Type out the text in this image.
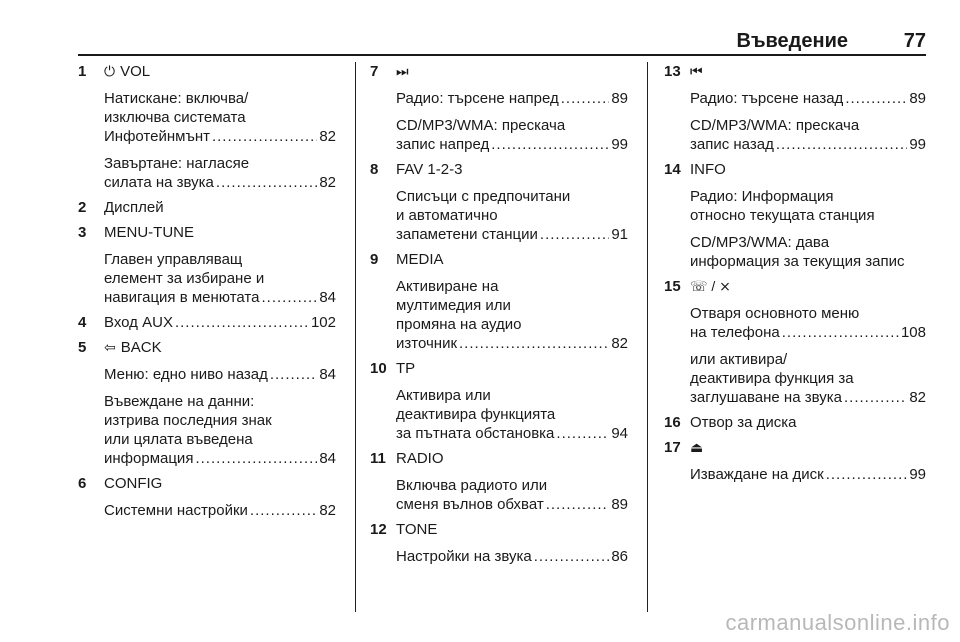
Въведение	77
1 ⏻ VOL
Натискане: включва/
изключва системата
Инфотейнмънт .....	82
Завъртане: нагласяе
силата на звука .....	82
2 Дисплей
3 MENU-TUNE
Главен управляващ
елемент за избиране и
навигация в менютата .....	84
4 Вход AUX .....	102
5 ⇦ BACK
Меню: едно ниво назад .....	84
Въвеждане на данни:
изтрива последния знак
или цялата въведена
информация .....	84
6 CONFIG
Системни настройки .....	82
7 ⏭
Радио: търсене напред .....	89
CD/MP3/WMA: прескача
запис напред .....	99
8 FAV 1-2-3
Списъци с предпочитани
и автоматично
запаметени станции .....	91
9 MEDIA
Активиране на
мултимедия или
промяна на аудио
източник .....	82
10 TP
Активира или
деактивира функцията
за пътната обстановка .....	94
11 RADIO
Включва радиото или
сменя вълнов обхват .....	89
12 TONE
Настройки на звука .....	86
13 ⏮
Радио: търсене назад .....	89
CD/MP3/WMA: прескача
запис назад .....	99
14 INFO
Радио: Информация
относно текущата станция
CD/MP3/WMA: дава
информация за текущия запис
15 ☏ / ⨯
Отваря основното меню
на телефона .....	108
или активира/
деактивира функция за
заглушаване на звука .....	82
16 Отвор за диска
17 ⏏
Изваждане на диск .....	99
carmanualsonline.info
